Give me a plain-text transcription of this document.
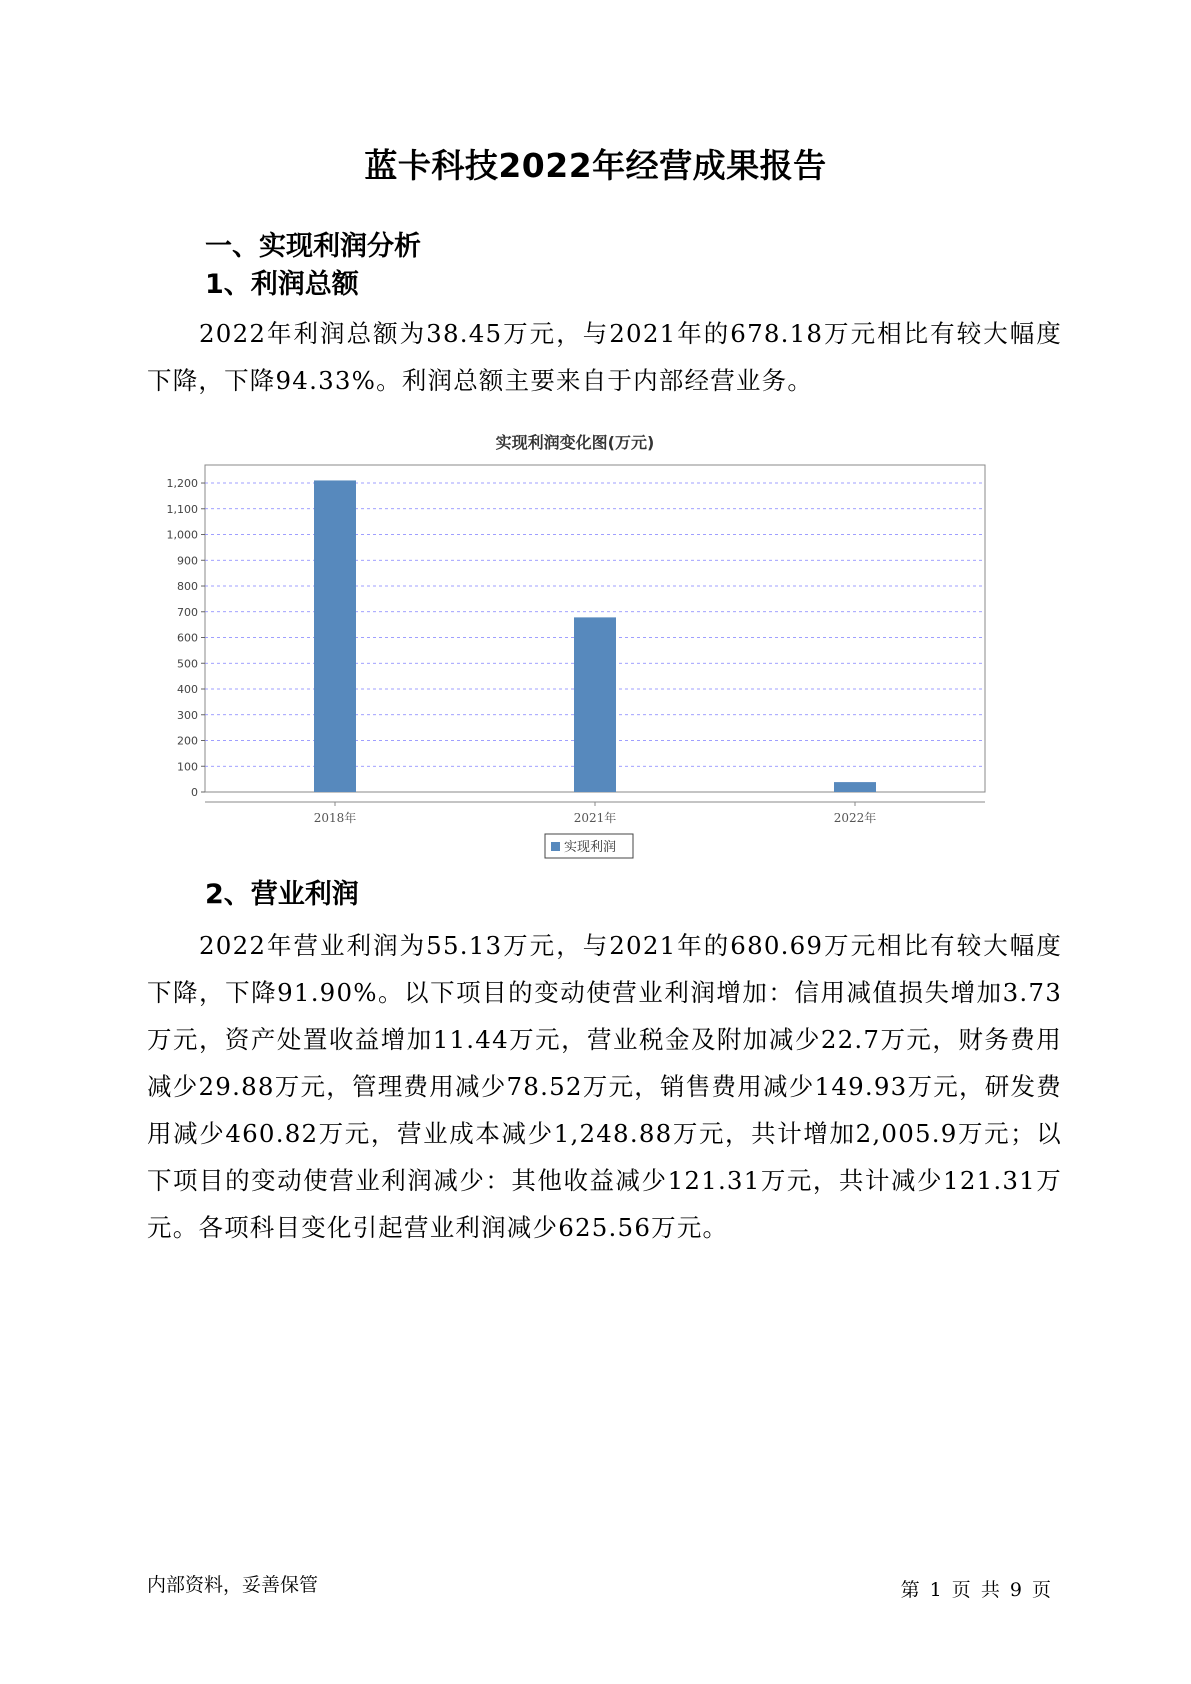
蓝卡科技2022年经营成果报告
一、实现利润分析
1、利润总额
2022年利润总额为38.45万元，与2021年的678.18万元相比有较大幅度下降，下降94.33%。利润总额主要来自于内部经营业务。
实现利润变化图(万元)
0
100
200
300
400
500
600
700
800
900
1,000
1,100
1,200
2018年	2021年	2022年
实现利润
2、营业利润
2022年营业利润为55.13万元，与2021年的680.69万元相比有较大幅度下降，下降91.90%。以下项目的变动使营业利润增加：信用减值损失增加3.73万元，资产处置收益增加11.44万元，营业税金及附加减少22.7万元，财务费用减少29.88万元，管理费用减少78.52万元，销售费用减少149.93万元，研发费用减少460.82万元，营业成本减少1,248.88万元，共计增加2,005.9万元；以下项目的变动使营业利润减少：其他收益减少121.31万元，共计减少121.31万元。各项科目变化引起营业利润减少625.56万元。
内部资料，妥善保管	第 1 页 共 9 页
